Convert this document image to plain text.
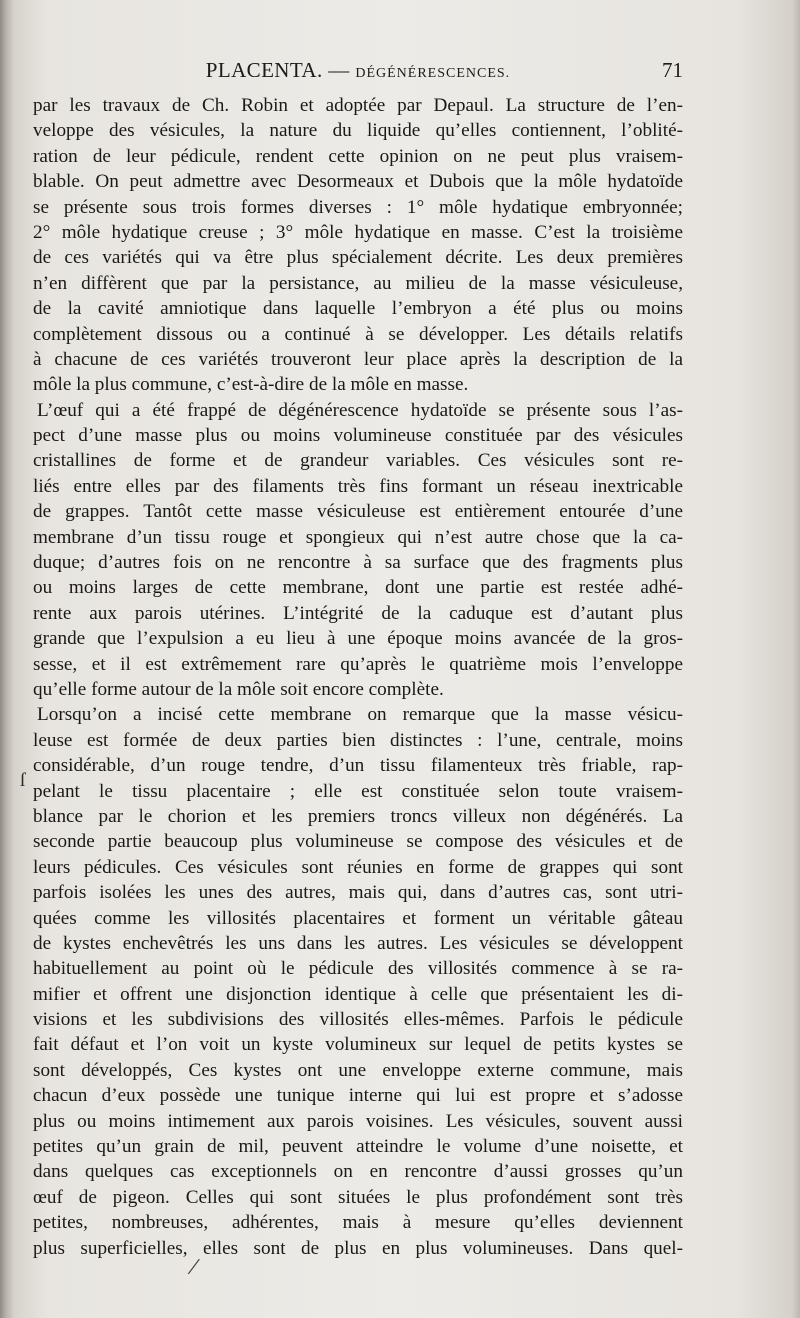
PLACENTA. — DÉGÉNÉRESCENCES.	71
par les travaux de Ch. Robin et adoptée par Depaul. La structure de l’en-
veloppe des vésicules, la nature du liquide qu’elles contiennent, l’oblité-
ration de leur pédicule, rendent cette opinion on ne peut plus vraisem-
blable. On peut admettre avec Desormeaux et Dubois que la môle hydatoïde
se présente sous trois formes diverses : 1° môle hydatique embryonnée;
2° môle hydatique creuse ; 3° môle hydatique en masse. C’est la troisième
de ces variétés qui va être plus spécialement décrite. Les deux premières
n’en diffèrent que par la persistance, au milieu de la masse vésiculeuse,
de la cavité amniotique dans laquelle l’embryon a été plus ou moins
complètement dissous ou a continué à se développer. Les détails relatifs
à chacune de ces variétés trouveront leur place après la description de la
môle la plus commune, c’est-à-dire de la môle en masse.
L’œuf qui a été frappé de dégénérescence hydatoïde se présente sous l’as-
pect d’une masse plus ou moins volumineuse constituée par des vésicules
cristallines de forme et de grandeur variables. Ces vésicules sont re-
liés entre elles par des filaments très fins formant un réseau inextricable
de grappes. Tantôt cette masse vésiculeuse est entièrement entourée d’une
membrane d’un tissu rouge et spongieux qui n’est autre chose que la ca-
duque; d’autres fois on ne rencontre à sa surface que des fragments plus
ou moins larges de cette membrane, dont une partie est restée adhé-
rente aux parois utérines. L’intégrité de la caduque est d’autant plus
grande que l’expulsion a eu lieu à une époque moins avancée de la gros-
sesse, et il est extrêmement rare qu’après le quatrième mois l’enveloppe
qu’elle forme autour de la môle soit encore complète.
Lorsqu’on a incisé cette membrane on remarque que la masse vésicu-
leuse est formée de deux parties bien distinctes : l’une, centrale, moins
considérable, d’un rouge tendre, d’un tissu filamenteux très friable, rap-
pelant le tissu placentaire ; elle est constituée selon toute vraisem-
blance par le chorion et les premiers troncs villeux non dégénérés. La
seconde partie beaucoup plus volumineuse se compose des vésicules et de
leurs pédicules. Ces vésicules sont réunies en forme de grappes qui sont
parfois isolées les unes des autres, mais qui, dans d’autres cas, sont utri-
quées comme les villosités placentaires et forment un véritable gâteau
de kystes enchevêtrés les uns dans les autres. Les vésicules se développent
habituellement au point où le pédicule des villosités commence à se ra-
mifier et offrent une disjonction identique à celle que présentaient les di-
visions et les subdivisions des villosités elles-mêmes. Parfois le pédicule
fait défaut et l’on voit un kyste volumineux sur lequel de petits kystes se
sont développés, Ces kystes ont une enveloppe externe commune, mais
chacun d’eux possède une tunique interne qui lui est propre et s’adosse
plus ou moins intimement aux parois voisines. Les vésicules, souvent aussi
petites qu’un grain de mil, peuvent atteindre le volume d’une noisette, et
dans quelques cas exceptionnels on en rencontre d’aussi grosses qu’un
œuf de pigeon. Celles qui sont situées le plus profondément sont très
petites, nombreuses, adhérentes, mais à mesure qu’elles deviennent
plus superficielles, elles sont de plus en plus volumineuses. Dans quel-
ſ
/
